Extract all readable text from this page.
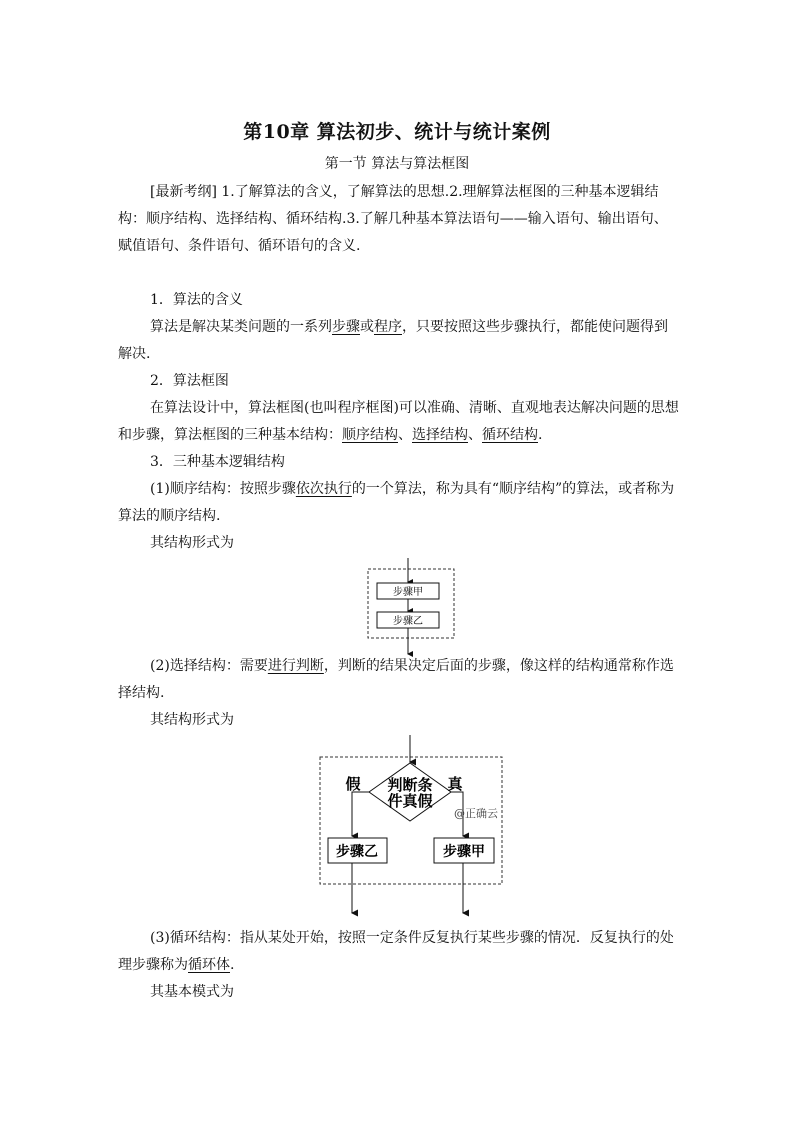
第10章 算法初步、统计与统计案例
第一节 算法与算法框图

[最新考纲] 1.了解算法的含义，了解算法的思想.2.理解算法框图的三种基本逻辑结构：顺序结构、选择结构、循环结构.3.了解几种基本算法语句——输入语句、输出语句、赋值语句、条件语句、循环语句的含义.

1．算法的含义

算法是解决某类问题的一系列步骤或程序，只要按照这些步骤执行，都能使问题得到解决.

2．算法框图

在算法设计中，算法框图(也叫程序框图)可以准确、清晰、直观地表达解决问题的思想和步骤，算法框图的三种基本结构：顺序结构、选择结构、循环结构.

3．三种基本逻辑结构

(1)顺序结构：按照步骤依次执行的一个算法，称为具有“顺序结构”的算法，或者称为算法的顺序结构.

其结构形式为

步骤甲
步骤乙

(2)选择结构：需要进行判断，判断的结果决定后面的步骤，像这样的结构通常称作选择结构.

其结构形式为

判断条
件真假
假	真
@正确云
步骤乙	步骤甲

(3)循环结构：指从某处开始，按照一定条件反复执行某些步骤的情况．反复执行的处理步骤称为循环体.

其基本模式为
